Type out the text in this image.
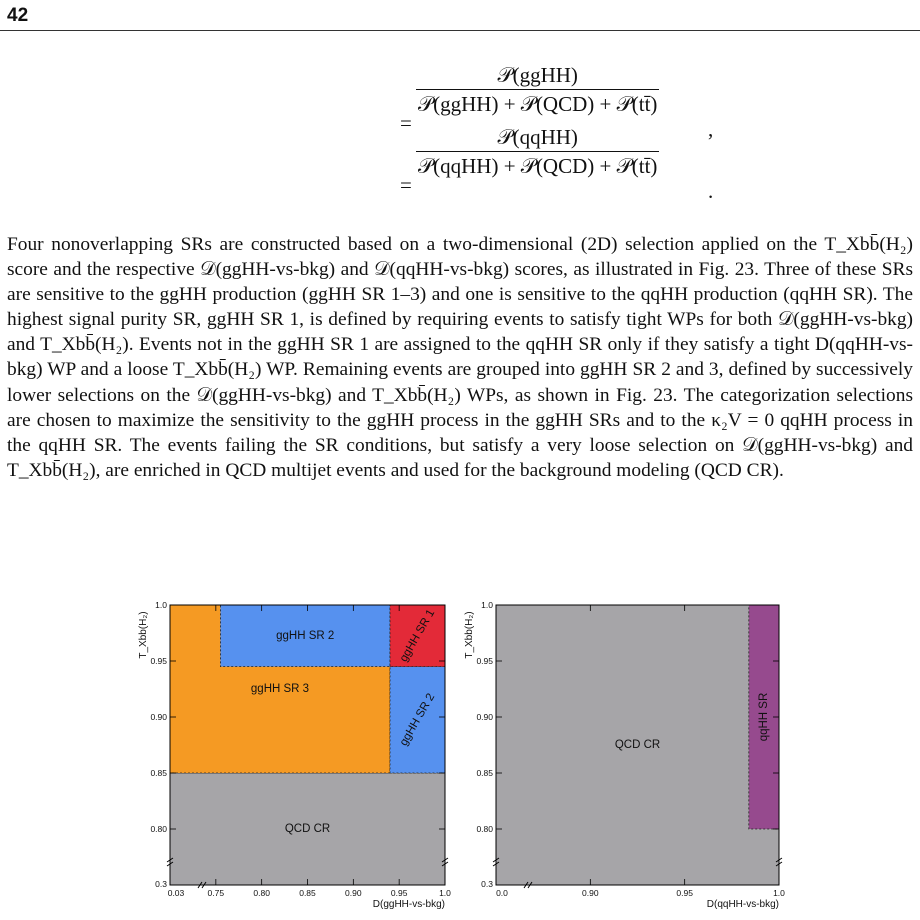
42
=
$\frac{\text{𝒫(ggHH)}}{\text{𝒫(ggHH) + 𝒫(QCD) + 𝒫(tt̄)}}$
,
=
$\frac{\text{𝒫(qqHH)}}{\text{𝒫(qqHH) + 𝒫(QCD) + 𝒫(tt̄)}}$
.

Four nonoverlapping SRs are constructed based on a two-dimensional (2D) selection applied on the T_Xbb̄(H₂) score and the respective 𝒟(ggHH-vs-bkg) and 𝒟(qqHH-vs-bkg) scores, as illustrated in Fig. 23. Three of these SRs are sensitive to the ggHH production (ggHH SR 1–3) and one is sensitive to the qqHH production (qqHH SR). The highest signal purity SR, ggHH SR 1, is defined by requiring events to satisfy tight WPs for both 𝒟(ggHH-vs-bkg) and T_Xbb̄(H₂). Events not in the ggHH SR 1 are assigned to the qqHH SR only if they satisfy a tight D(qqHH-vs-bkg) WP and a loose T_Xbb̄(H₂) WP. Remaining events are grouped into ggHH SR 2 and 3, defined by successively lower selections on the 𝒟(ggHH-vs-bkg) and T_Xbb̄(H₂) WPs, as shown in Fig. 23. The categorization selections are chosen to maximize the sensitivity to the ggHH process in the ggHH SRs and to the κ₂V = 0 qqHH process in the qqHH SR. The events failing the SR conditions, but satisfy a very loose selection on 𝒟(ggHH-vs-bkg) and T_Xbb̄(H₂), are enriched in QCD multijet events and used for the background modeling (QCD CR).

QCD CR
ggHH SR 3
ggHH SR 2
ggHH SR 2
ggHH SR 1
0.3
0.80
0.85
0.90
0.95
1.0
0.03	0.75	0.80	0.85	0.90	0.95	1.0
D(ggHH-vs-bkg)
T_Xbb(H₂)
QCD CR
qqHH SR
0.3
0.80
0.85
0.90
0.95
1.0
0.0	0.90	0.95	1.0
D(qqHH-vs-bkg)
T_Xbb(H₂)
